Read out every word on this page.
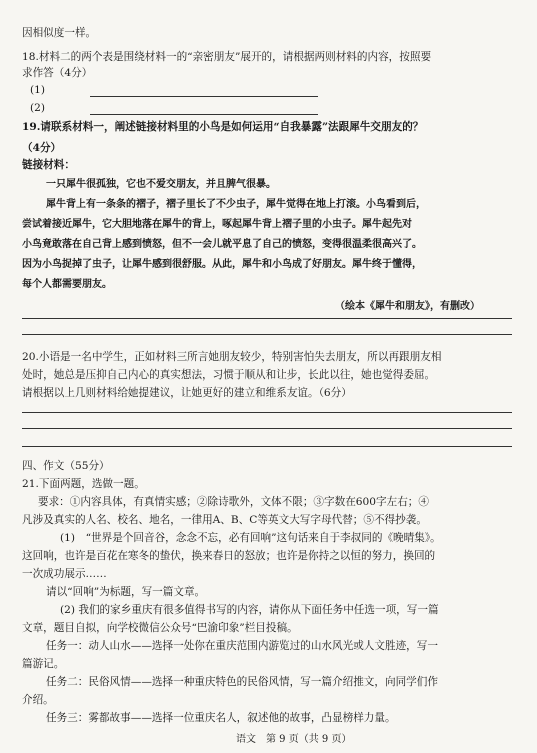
因相似度一样。
18.材料二的两个表是围绕材料一的“亲密朋友”展开的，请根据两则材料的内容，按照要
求作答（4分）
(1)
(2)
19.请联系材料一，阐述链接材料里的小鸟是如何运用“自我暴露”法跟犀牛交朋友的？
（4分）
链接材料：
一只犀牛很孤独，它也不爱交朋友，并且脾气很暴。
犀牛背上有一条条的褶子，褶子里长了不少虫子，犀牛觉得在地上打滚。小鸟看到后，
尝试着接近犀牛，它大胆地落在犀牛的背上，啄起犀牛背上褶子里的小虫子。犀牛起先对
小鸟竟敢落在自己背上感到愤怒，但不一会儿就平息了自己的愤怒，变得很温柔很高兴了。
因为小鸟捉掉了虫子，让犀牛感到很舒服。从此，犀牛和小鸟成了好朋友。犀牛终于懂得，
每个人都需要朋友。
（绘本《犀牛和朋友》，有删改）
20.小语是一名中学生，正如材料三所言她朋友较少，特别害怕失去朋友，所以再跟朋友相
处时，她总是压抑自己内心的真实想法，习惯于顺从和让步，长此以往，她也觉得委屈。
请根据以上几则材料给她提建议，让她更好的建立和维系友谊。（6分）
四、作文（55分）
21.下面两题，选做一题。
要求：①内容具体，有真情实感；②除诗歌外，文体不限；③字数在600字左右；④
凡涉及真实的人名、校名、地名，一律用A、B、C等英文大写字母代替；⑤不得抄袭。
(1)　“世界是个回音谷，念念不忘，必有回响”这句话来自于李叔同的《晚晴集》。
这回响，也许是百花在寒冬的蛰伏，换来春日的怒放；也许是你持之以恒的努力，换回的
一次成功展示……
请以“回响”为标题，写一篇文章。
(2) 我们的家乡重庆有很多值得书写的内容，请你从下面任务中任选一项，写一篇
文章，题目自拟，向学校微信公众号“巴渝印象”栏目投稿。
任务一：动人山水——选择一处你在重庆范围内游览过的山水风光或人文胜迹，写一
篇游记。
任务二：民俗风情——选择一种重庆特色的民俗风情，写一篇介绍推文，向同学们作
介绍。
任务三：雾都故事——选择一位重庆名人，叙述他的故事，凸显榜样力量。
语文　第 9 页（共 9 页）
